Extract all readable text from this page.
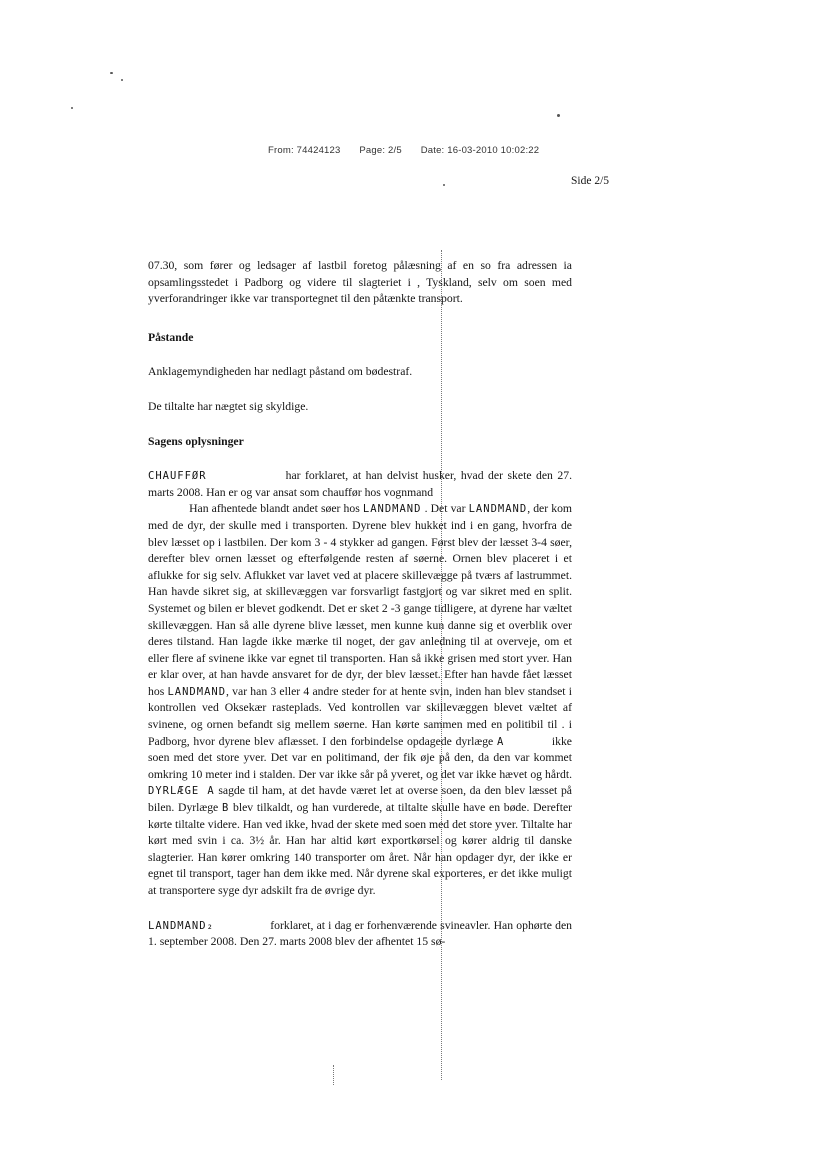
From: 74424123 Page: 2/5 Date: 16-03-2010 10:02:22
Side 2/5

07.30, som fører og ledsager af lastbil foretog pålæsning af en so fra adressen ia opsamlingsstedet i Padborg og videre til slagteriet i , Tyskland, selv om soen med yverforandringer ikke var transportegnet til den påtænkte transport.

Påstande

Anklagemyndigheden har nedlagt påstand om bødestraf.

De tiltalte har nægtet sig skyldige.

Sagens oplysninger

CHAUFFØR	har forklaret, at han delvist husker, hvad der skete den 27. marts 2008. Han er og var ansat som chauffør hos vognmand
Han afhentede blandt andet søer hos LANDMAND . Det var LANDMAND, der kom med de dyr, der skulle med i transporten. Dyrene blev hukket ind i en gang, hvorfra de blev læsset op i lastbilen. Der kom 3 - 4 stykker ad gangen. Først blev der læsset 3-4 søer, derefter blev ornen læsset og efterfølgende resten af søerne. Ornen blev placeret i et aflukke for sig selv. Aflukket var lavet ved at placere skillevægge på tværs af lastrummet. Han havde sikret sig, at skillevæggen var forsvarligt fastgjort og var sikret med en split. Systemet og bilen er blevet godkendt. Det er sket 2 -3 gange tidligere, at dyrene har væltet skillevæggen. Han så alle dyrene blive læsset, men kunne kun danne sig et overblik over deres tilstand. Han lagde ikke mærke til noget, der gav anledning til at overveje, om et eller flere af svinene ikke var egnet til transporten. Han så ikke grisen med stort yver. Han er klar over, at han havde ansvaret for de dyr, der blev læsset. Efter han havde fået læsset hos LANDMAND, var han 3 eller 4 andre steder for at hente svin, inden han blev standset i kontrollen ved Oksekær rasteplads. Ved kontrollen var skillevæggen blevet væltet af svinene, og ornen befandt sig mellem søerne. Han kørte sammen med en politibil til . i Padborg, hvor dyrene blev aflæsset. I den forbindelse opdagede dyrlæge A	ikke soen med det store yver. Det var en politimand, der fik øje på den, da den var kommet omkring 10 meter ind i stalden. Der var ikke sår på yveret, og det var ikke hævet og hårdt. DYRLÆGE A sagde til ham, at det havde været let at overse soen, da den blev læsset på bilen. Dyrlæge B blev tilkaldt, og han vurderede, at tiltalte skulle have en bøde. Derefter kørte tiltalte videre. Han ved ikke, hvad der skete med soen med det store yver. Tiltalte har kørt med svin i ca. 3½ år. Han har altid kørt exportkørsel og kører aldrig til danske slagterier. Han kører omkring 140 transporter om året. Når han opdager dyr, der ikke er egnet til transport, tager han dem ikke med. Når dyrene skal exporteres, er det ikke muligt at transportere syge dyr adskilt fra de øvrige dyr.

LANDMAND₂	forklaret, at i dag er forhenværende svineavler. Han ophørte den 1. september 2008. Den 27. marts 2008 blev der afhentet 15 sø-
